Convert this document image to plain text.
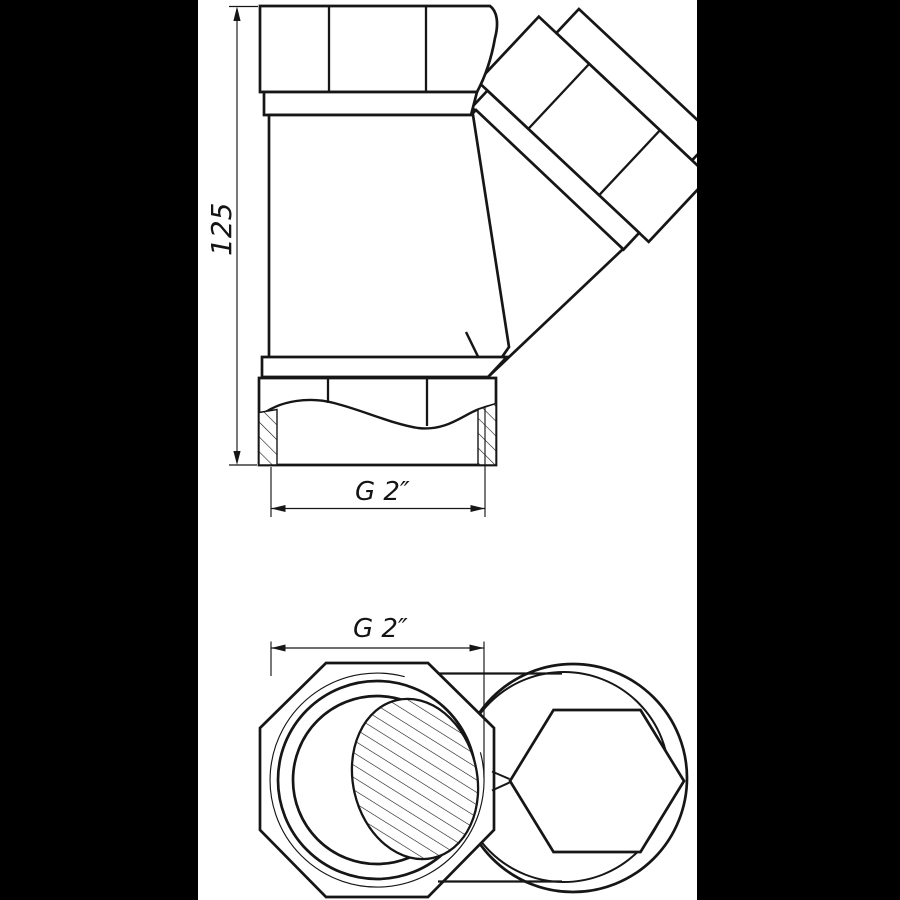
125
G 2″
G 2″
